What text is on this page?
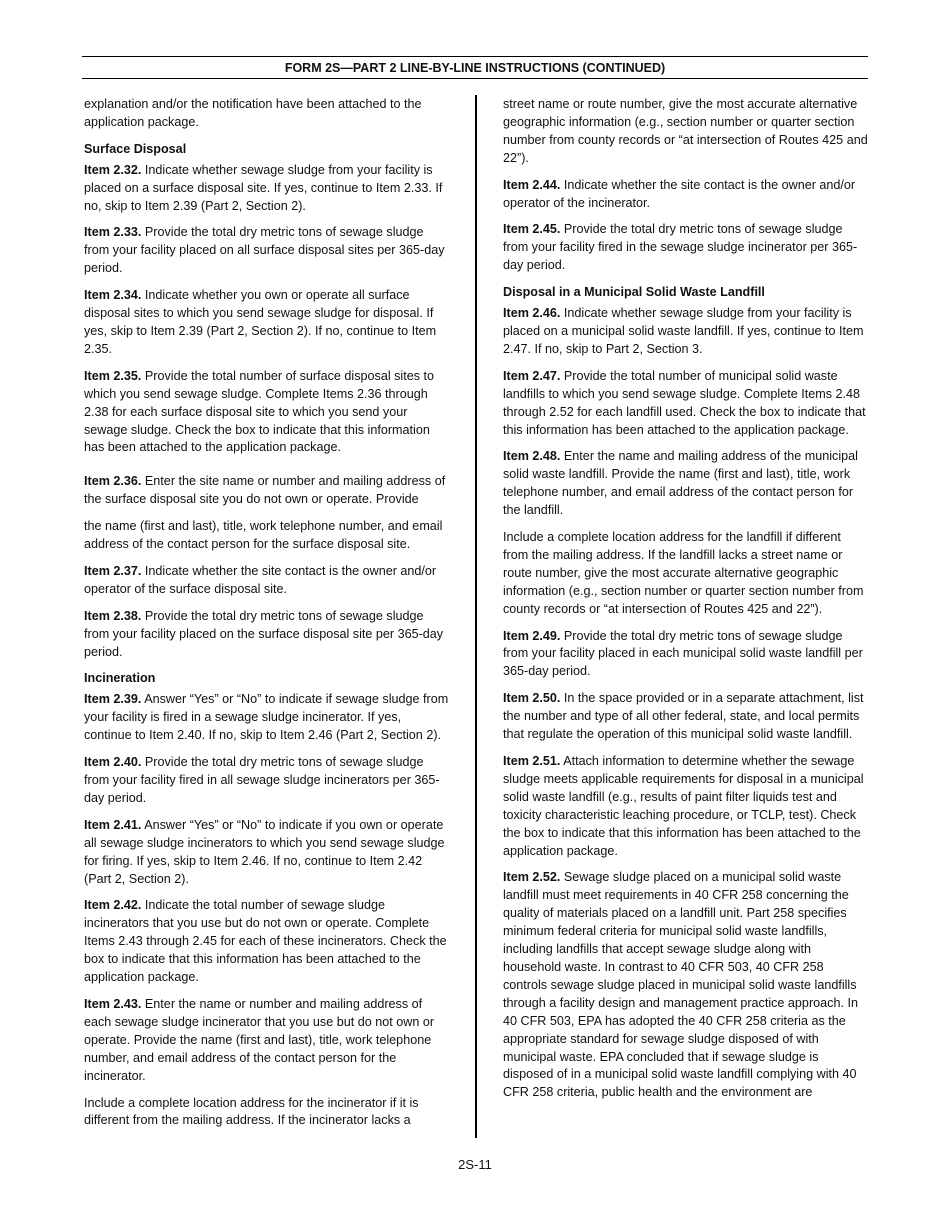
FORM 2S—PART 2 LINE-BY-LINE INSTRUCTIONS (CONTINUED)

explanation and/or the notification have been attached to the application package.

Surface Disposal

Item 2.32. Indicate whether sewage sludge from your facility is placed on a surface disposal site. If yes, continue to Item 2.33. If no, skip to Item 2.39 (Part 2, Section 2).

Item 2.33. Provide the total dry metric tons of sewage sludge from your facility placed on all surface disposal sites per 365-day period.

Item 2.34. Indicate whether you own or operate all surface disposal sites to which you send sewage sludge for disposal. If yes, skip to Item 2.39 (Part 2, Section 2). If no, continue to Item 2.35.

Item 2.35. Provide the total number of surface disposal sites to which you send sewage sludge. Complete Items 2.36 through 2.38 for each surface disposal site to which you send your sewage sludge. Check the box to indicate that this information has been attached to the application package.

Item 2.36. Enter the site name or number and mailing address of the surface disposal site you do not own or operate. Provide

the name (first and last), title, work telephone number, and email address of the contact person for the surface disposal site.

Item 2.37. Indicate whether the site contact is the owner and/or operator of the surface disposal site.

Item 2.38. Provide the total dry metric tons of sewage sludge from your facility placed on the surface disposal site per 365-day period.

Incineration

Item 2.39. Answer “Yes” or “No” to indicate if sewage sludge from your facility is fired in a sewage sludge incinerator. If yes, continue to Item 2.40. If no, skip to Item 2.46 (Part 2, Section 2).

Item 2.40. Provide the total dry metric tons of sewage sludge from your facility fired in all sewage sludge incinerators per 365-day period.

Item 2.41. Answer “Yes” or “No” to indicate if you own or operate all sewage sludge incinerators to which you send sewage sludge for firing. If yes, skip to Item 2.46. If no, continue to Item 2.42 (Part 2, Section 2).

Item 2.42. Indicate the total number of sewage sludge incinerators that you use but do not own or operate. Complete Items 2.43 through 2.45 for each of these incinerators. Check the box to indicate that this information has been attached to the application package.

Item 2.43. Enter the name or number and mailing address of each sewage sludge incinerator that you use but do not own or operate. Provide the name (first and last), title, work telephone number, and email address of the contact person for the incinerator.

Include a complete location address for the incinerator if it is different from the mailing address. If the incinerator lacks a

street name or route number, give the most accurate alternative geographic information (e.g., section number or quarter section number from county records or “at intersection of Routes 425 and 22”).

Item 2.44. Indicate whether the site contact is the owner and/or operator of the incinerator.

Item 2.45. Provide the total dry metric tons of sewage sludge from your facility fired in the sewage sludge incinerator per 365-day period.

Disposal in a Municipal Solid Waste Landfill

Item 2.46. Indicate whether sewage sludge from your facility is placed on a municipal solid waste landfill. If yes, continue to Item 2.47. If no, skip to Part 2, Section 3.

Item 2.47. Provide the total number of municipal solid waste landfills to which you send sewage sludge. Complete Items 2.48 through 2.52 for each landfill used. Check the box to indicate that this information has been attached to the application package.

Item 2.48. Enter the name and mailing address of the municipal solid waste landfill. Provide the name (first and last), title, work telephone number, and email address of the contact person for the landfill.

Include a complete location address for the landfill if different from the mailing address. If the landfill lacks a street name or route number, give the most accurate alternative geographic information (e.g., section number or quarter section number from county records or “at intersection of Routes 425 and 22”).

Item 2.49. Provide the total dry metric tons of sewage sludge from your facility placed in each municipal solid waste landfill per 365-day period.

Item 2.50. In the space provided or in a separate attachment, list the number and type of all other federal, state, and local permits that regulate the operation of this municipal solid waste landfill.

Item 2.51. Attach information to determine whether the sewage sludge meets applicable requirements for disposal in a municipal solid waste landfill (e.g., results of paint filter liquids test and toxicity characteristic leaching procedure, or TCLP, test). Check the box to indicate that this information has been attached to the application package.

Item 2.52. Sewage sludge placed on a municipal solid waste landfill must meet requirements in 40 CFR 258 concerning the quality of materials placed on a landfill unit. Part 258 specifies minimum federal criteria for municipal solid waste landfills, including landfills that accept sewage sludge along with household waste. In contrast to 40 CFR 503, 40 CFR 258 controls sewage sludge placed in municipal solid waste landfills through a facility design and management practice approach. In 40 CFR 503, EPA has adopted the 40 CFR 258 criteria as the appropriate standard for sewage sludge disposed of with municipal waste. EPA concluded that if sewage sludge is disposed of in a municipal solid waste landfill complying with 40 CFR 258 criteria, public health and the environment are

2S-11
